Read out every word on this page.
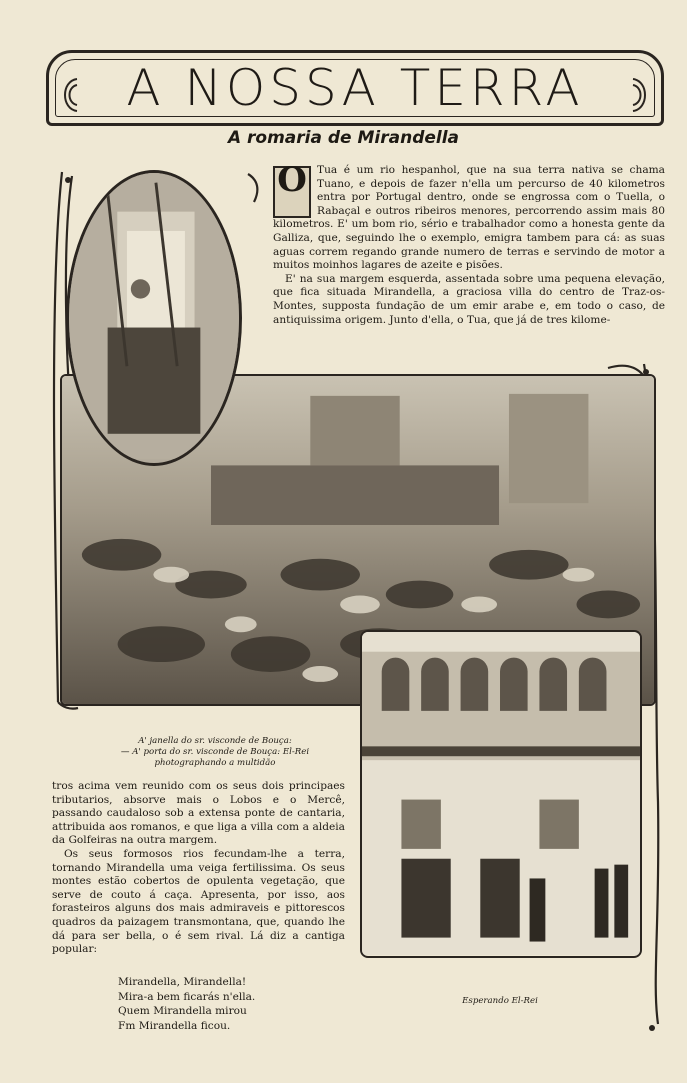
A NOSSA TERRA
A romaria de Mirandella
O Tua é um rio hespanhol, que na sua terra nativa se chama Tuano, e depois de fazer n'ella um percurso de 40 kilometros entra por Portugal dentro, onde se engrossa com o Tuella, o Rabaçal e outros ribeiros menores, percorrendo assim mais 80 kilometros. E' um bom rio, sério e trabalhador como a honesta gente da Galliza, que, seguindo lhe o exemplo, emigra tambem para cá: as suas aguas correm regando grande numero de terras e servindo de motor a muitos moinhos lagares de azeite e pisões.

E' na sua margem esquerda, assentada sobre uma pequena elevação, que fica situada Mirandella, a graciosa villa do centro de Traz-os-Montes, supposta fundação de um emir arabe e, em todo o caso, de antiquissima origem. Junto d'ella, o Tua, que já de tres kilome-

A' janella do sr. visconde de Bouça:
— A' porta do sr. visconde de Bouça: El-Rei
photographando a multidão

tros acima vem reunido com os seus dois principaes tributarios, absorve mais o Lobos e o Mercê, passando caudaloso sob a extensa ponte de cantaria, attribuida aos romanos, e que liga a villa com a aldeia da Golfeiras na outra margem.

Os seus formosos rios fecundam-lhe a terra, tornando Mirandella uma veiga fertilissima. Os seus montes estão cobertos de opulenta vegetação, que serve de couto á caça. Apresenta, por isso, aos forasteiros alguns dos mais admiraveis e pittorescos quadros da paizagem transmontana, que, quando lhe dá para ser bella, o é sem rival. Lá diz a cantiga popular:

Mirandella, Mirandella!
Mira-a bem ficarás n'ella.
Quem Mirandella mirou
Fm Mirandella ficou.
Esperando El-Rei
